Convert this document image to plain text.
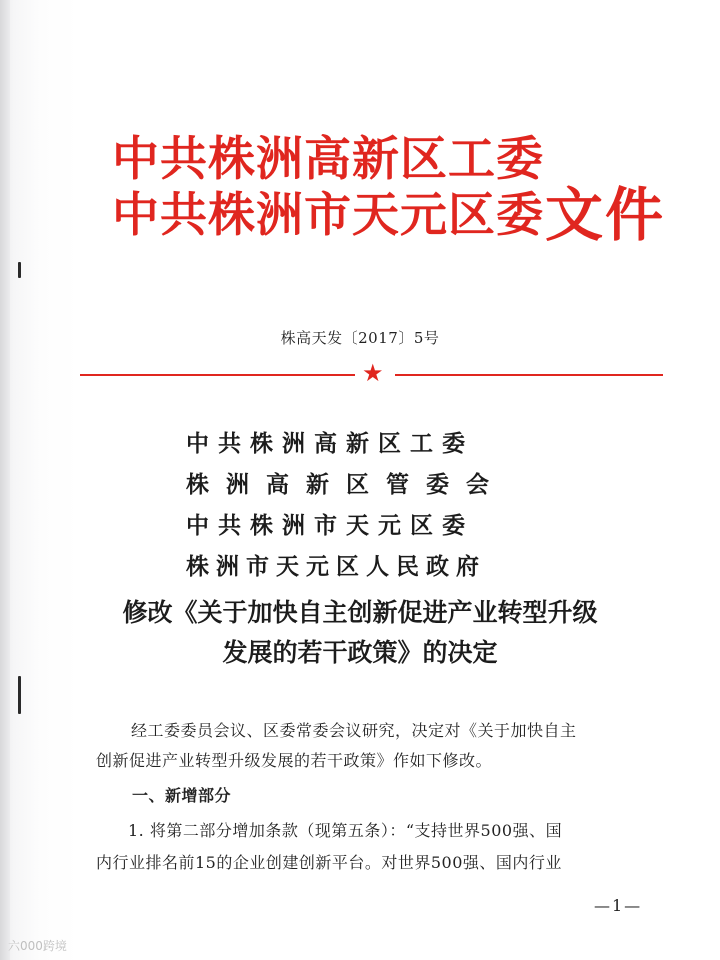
中共株洲高新区工委
中共株洲市天元区委 文件
株高天发〔2017〕5号
★
中共株洲高新区工委
株洲高新区管委会
中共株洲市天元区委
株洲市天元区人民政府
修改《关于加快自主创新促进产业转型升级
发展的若干政策》的决定
经工委委员会议、区委常委会议研究，决定对《关于加快自主
创新促进产业转型升级发展的若干政策》作如下修改。
一、新增部分
1. 将第二部分增加条款（现第五条）：“支持世界500强、国
内行业排名前15的企业创建创新平台。对世界500强、国内行业
—1—
六000跨境
